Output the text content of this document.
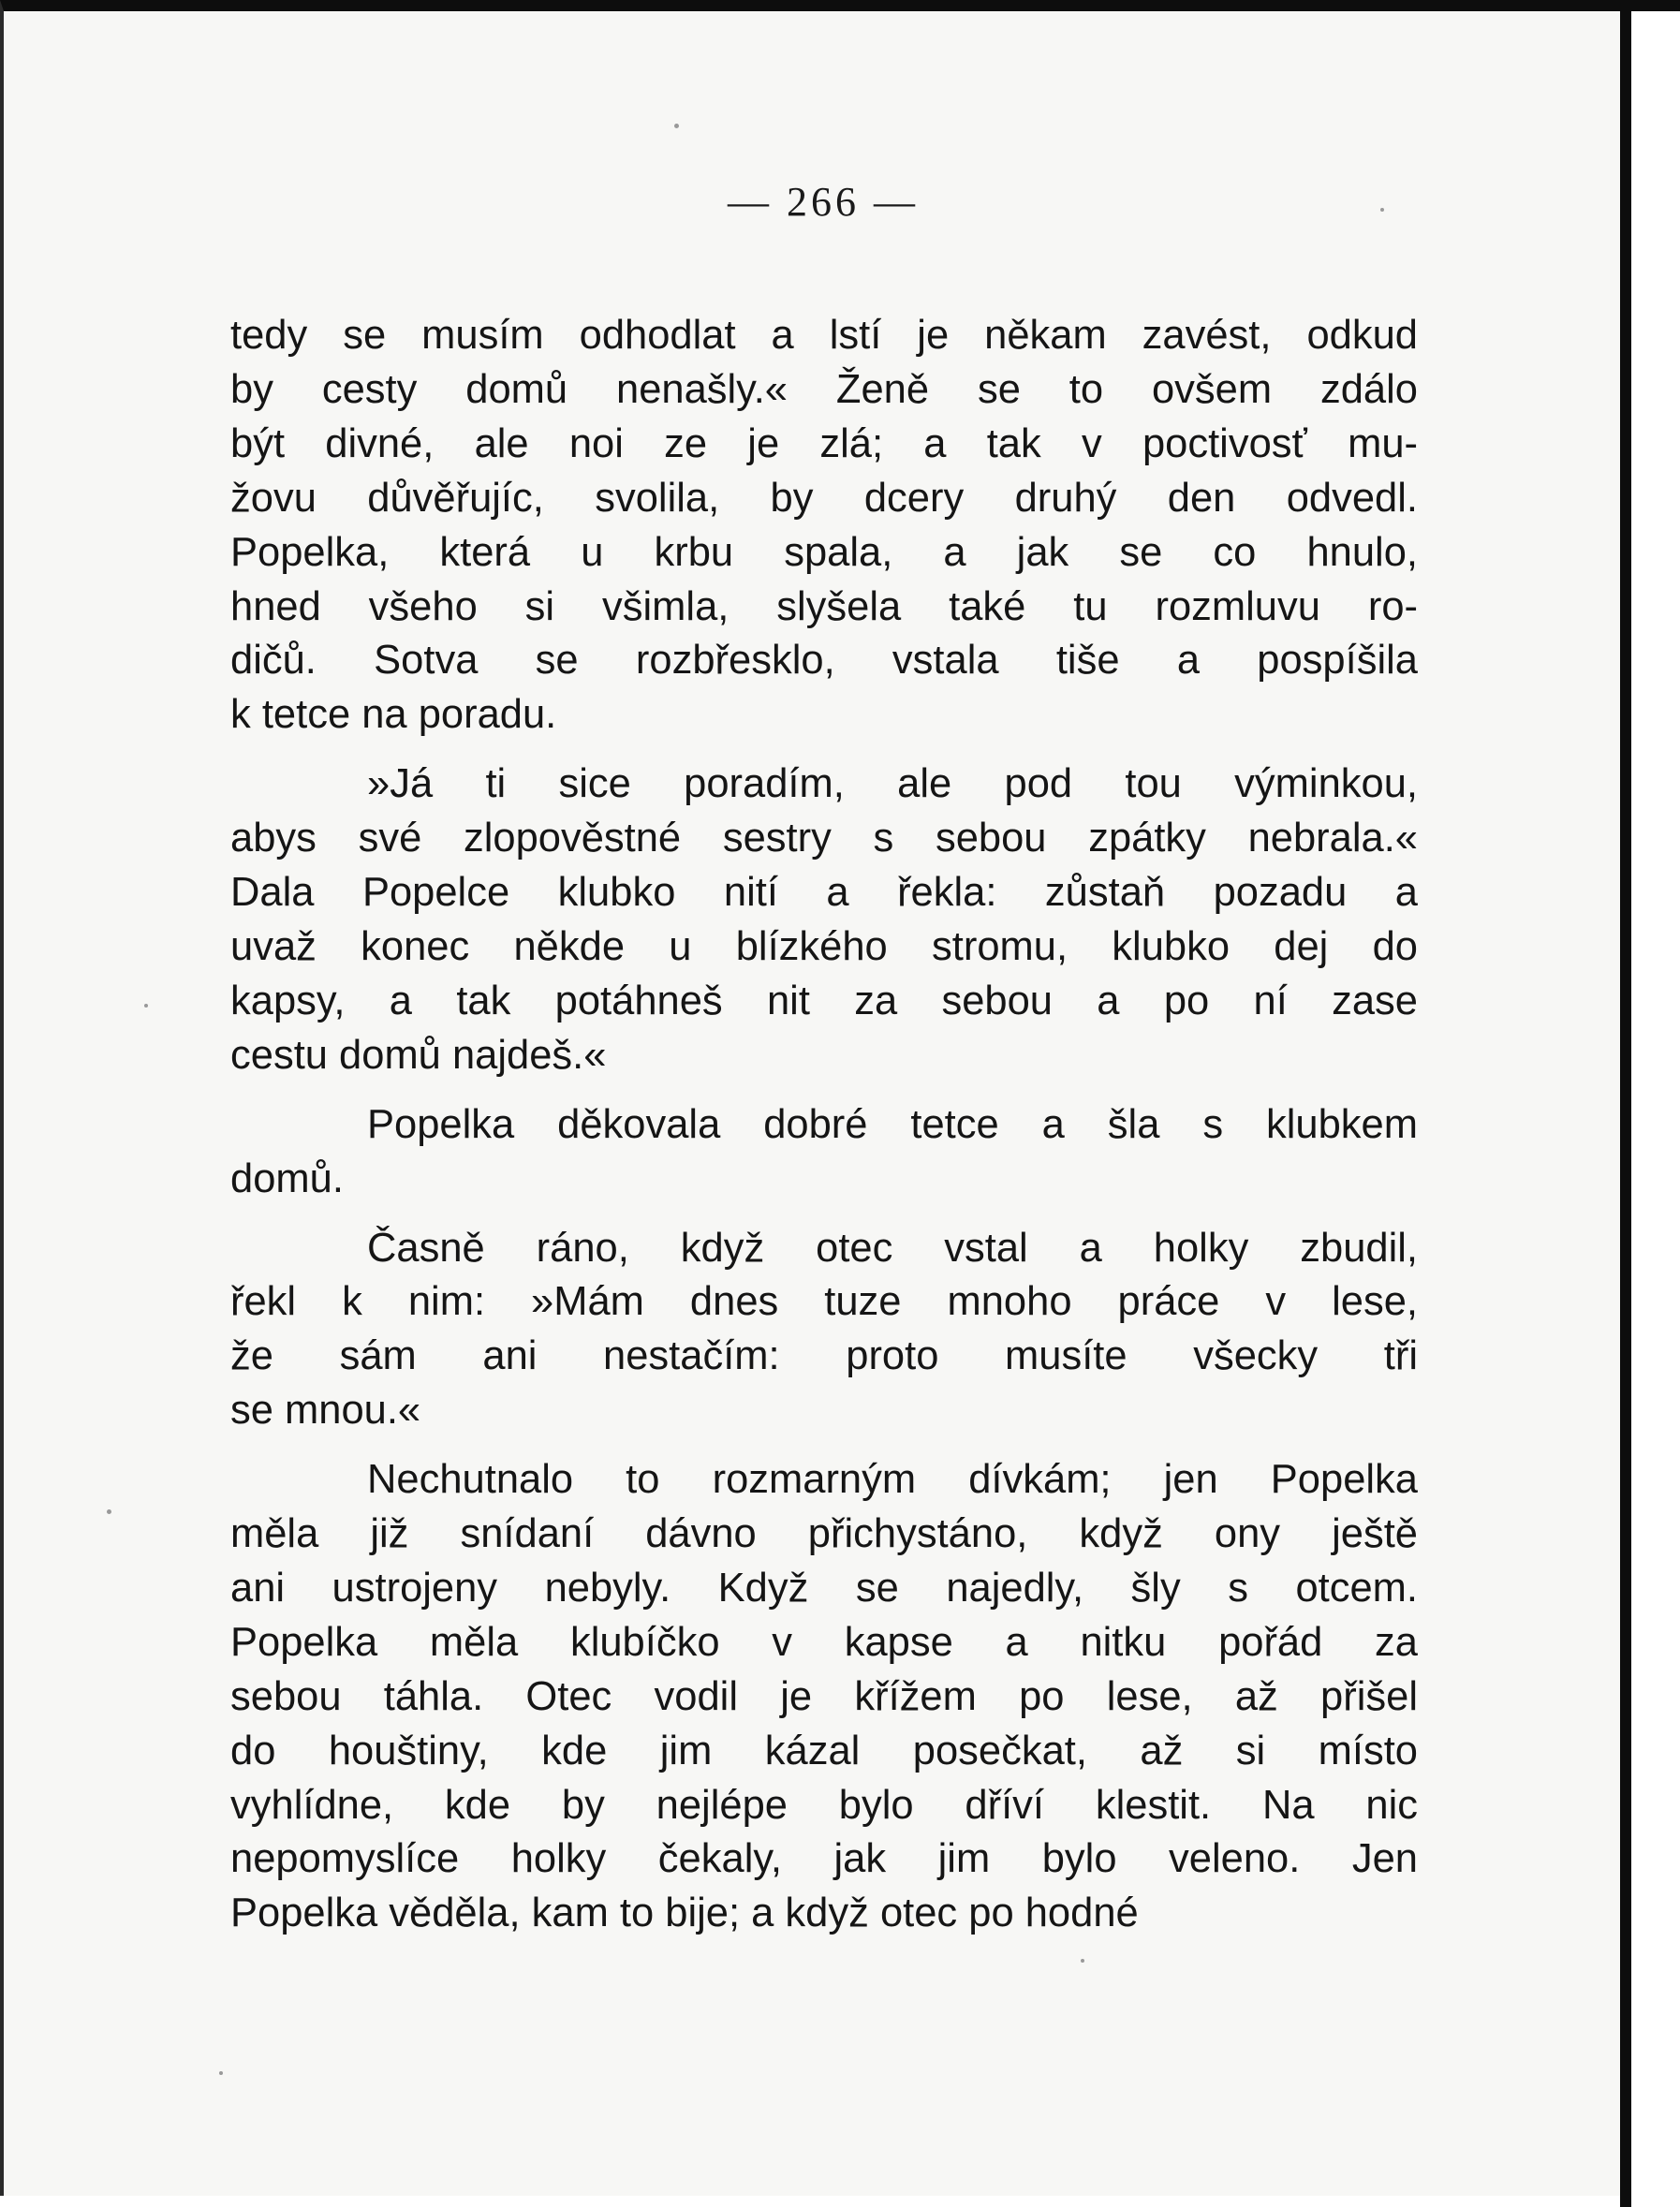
— 266 —

tedy se musím odhodlat a lstí je někam zavést, odkud
by cesty domů nenašly.« Ženě se to ovšem zdálo
být divné, ale noi ze je zlá; a tak v poctivosť mu-
žovu důvěřujíc, svolila, by dcery druhý den odvedl.
Popelka, která u krbu spala, a jak se co hnulo,
hned všeho si všimla, slyšela také tu rozmluvu ro-
dičů. Sotva se rozbřesklo, vstala tiše a pospíšila
k tetce na poradu.
»Já ti sice poradím, ale pod tou výminkou,
abys své zlopověstné sestry s sebou zpátky nebrala.«
Dala Popelce klubko nití a řekla: zůstaň pozadu a
uvaž konec někde u blízkého stromu, klubko dej do
kapsy, a tak potáhneš nit za sebou a po ní zase
cestu domů najdeš.«
Popelka děkovala dobré tetce a šla s klubkem
domů.
Časně ráno, když otec vstal a holky zbudil,
řekl k nim: »Mám dnes tuze mnoho práce v lese,
že sám ani nestačím: proto musíte všecky tři
se mnou.«
Nechutnalo to rozmarným dívkám; jen Popelka
měla již snídaní dávno přichystáno, když ony ještě
ani ustrojeny nebyly. Když se najedly, šly s otcem.
Popelka měla klubíčko v kapse a nitku pořád za
sebou táhla. Otec vodil je křížem po lese, až přišel
do houštiny, kde jim kázal posečkat, až si místo
vyhlídne, kde by nejlépe bylo dříví klestit. Na nic
nepomyslíce holky čekaly, jak jim bylo veleno. Jen
Popelka věděla, kam to bije; a když otec po hodné
